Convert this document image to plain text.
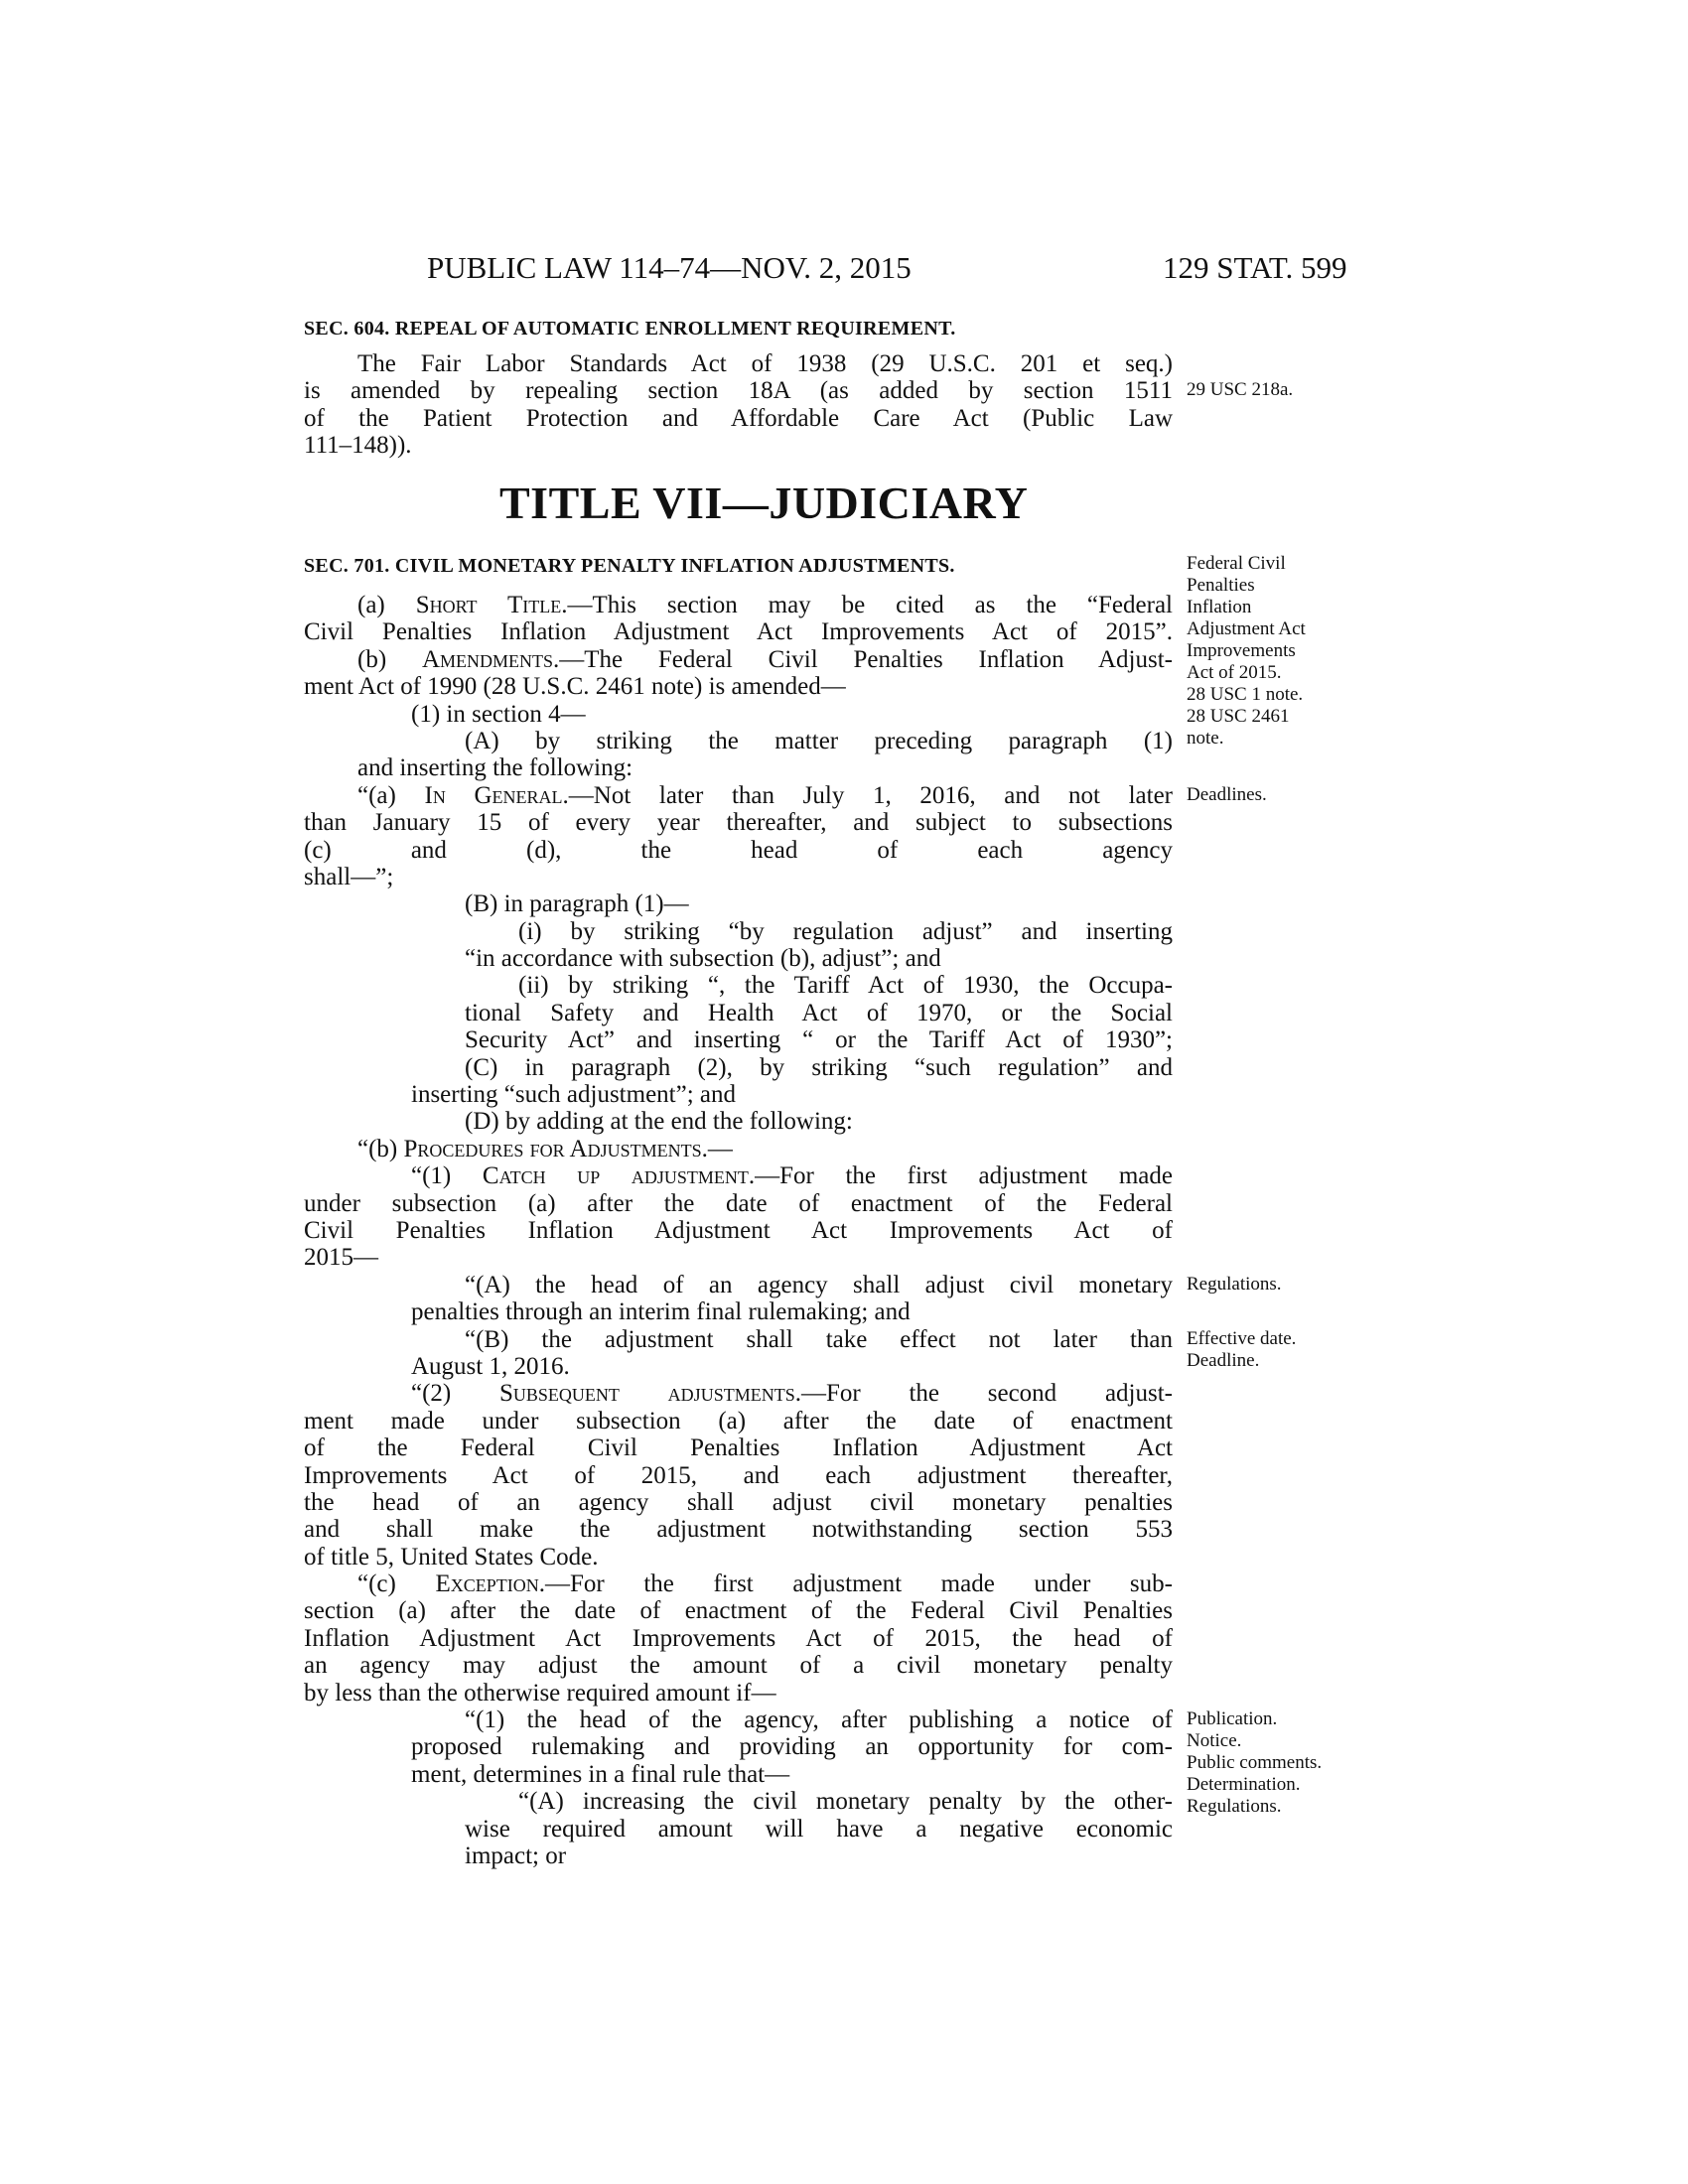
PUBLIC LAW 114–74—NOV. 2, 2015	129 STAT. 599
SEC. 604. REPEAL OF AUTOMATIC ENROLLMENT REQUIREMENT.
The Fair Labor Standards Act of 1938 (29 U.S.C. 201 et seq.)
is amended by repealing section 18A (as added by section 1511 29 USC 218a.
of the Patient Protection and Affordable Care Act (Public Law
111–148)).
TITLE VII—JUDICIARY
SEC. 701. CIVIL MONETARY PENALTY INFLATION ADJUSTMENTS.	Federal Civil
Penalties
Inflation
Adjustment Act
Improvements
Act of 2015.
28 USC 1 note.
28 USC 2461
note.
(a) Short Title.—This section may be cited as the “Federal
Civil Penalties Inflation Adjustment Act Improvements Act of 2015”.
(b) Amendments.—The Federal Civil Penalties Inflation Adjust-
ment Act of 1990 (28 U.S.C. 2461 note) is amended—
(1) in section 4—
(A) by striking the matter preceding paragraph (1)
and inserting the following:
“(a) In General.—Not later than July 1, 2016, and not later Deadlines.
than January 15 of every year thereafter, and subject to subsections
(c) and (d), the head of each agency
shall—”;
(B) in paragraph (1)—
(i) by striking “by regulation adjust” and inserting
“in accordance with subsection (b), adjust”; and
(ii) by striking “, the Tariff Act of 1930, the Occupa-
tional Safety and Health Act of 1970, or the Social
Security Act” and inserting “ or the Tariff Act of 1930”;
(C) in paragraph (2), by striking “such regulation” and
inserting “such adjustment”; and
(D) by adding at the end the following:
“(b) Procedures for Adjustments.—
“(1) Catch up adjustment.—For the first adjustment made
under subsection (a) after the date of enactment of the Federal
Civil Penalties Inflation Adjustment Act Improvements Act of
2015—
“(A) the head of an agency shall adjust civil monetary Regulations.
penalties through an interim final rulemaking; and
“(B) the adjustment shall take effect not later than Effective date.
Deadline.
August 1, 2016.
“(2) Subsequent adjustments.—For the second adjust-
ment made under subsection (a) after the date of enactment
of the Federal Civil Penalties Inflation Adjustment Act
Improvements Act of 2015, and each adjustment thereafter,
the head of an agency shall adjust civil monetary penalties
and shall make the adjustment notwithstanding section 553
of title 5, United States Code.
“(c) Exception.—For the first adjustment made under sub-
section (a) after the date of enactment of the Federal Civil Penalties
Inflation Adjustment Act Improvements Act of 2015, the head of
an agency may adjust the amount of a civil monetary penalty
by less than the otherwise required amount if—
“(1) the head of the agency, after publishing a notice of Publication.
Notice.
Public comments.
Determination.
Regulations.
proposed rulemaking and providing an opportunity for com-
ment, determines in a final rule that—
“(A) increasing the civil monetary penalty by the other-
wise required amount will have a negative economic
impact; or
